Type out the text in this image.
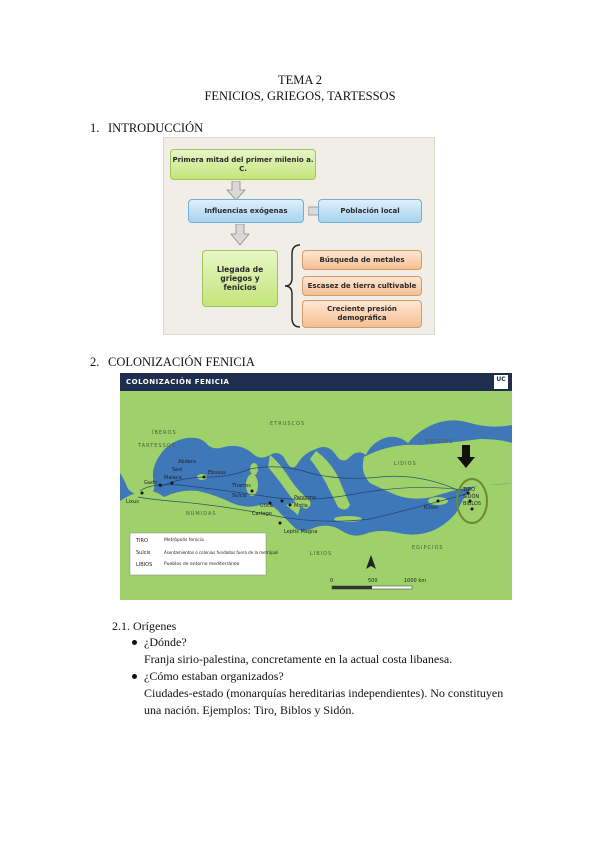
TEMA 2
FENICIOS, GRIEGOS, TARTESSOS
1. INTRODUCCIÓN
Primera mitad del primer milenio a. C.
Influencias exógenas	Población local
Llegada de griegos y fenicios
Búsqueda de metales
Escasez de tierra cultivable
Creciente presión demográfica
2. COLONIZACIÓN FENICIA
COLONIZACIÓN FENICIA	UC
ÍBEROS
TARTESSOS
NÚMIDAS
LIBIOS
FRIGIOS
LIDIOS
ETRUSCOS
EGIPCIOS
TIRO
SIDÓN
BIBLOS
Gadir
Malaca
Sexi
Abdera
Ebusus
Cartago
Utica	Motia
Panormo
Sulcis
Tharros
Leptis Magna
Kition
Lixus
TIRO	Metrópolis fenicia
Sulcis	Asentamientos o colonias fundados fuera de la metrópoli
LIBIOS	Pueblos de entorno mediterráneo
0	500	1000 km
2.1. Orígenes
¿Dónde?
Franja sirio-palestina, concretamente en la actual costa libanesa.
¿Cómo estaban organizados?
Ciudades-estado (monarquías hereditarias independientes). No constituyen
una nación. Ejemplos: Tiro, Biblos y Sidón.
